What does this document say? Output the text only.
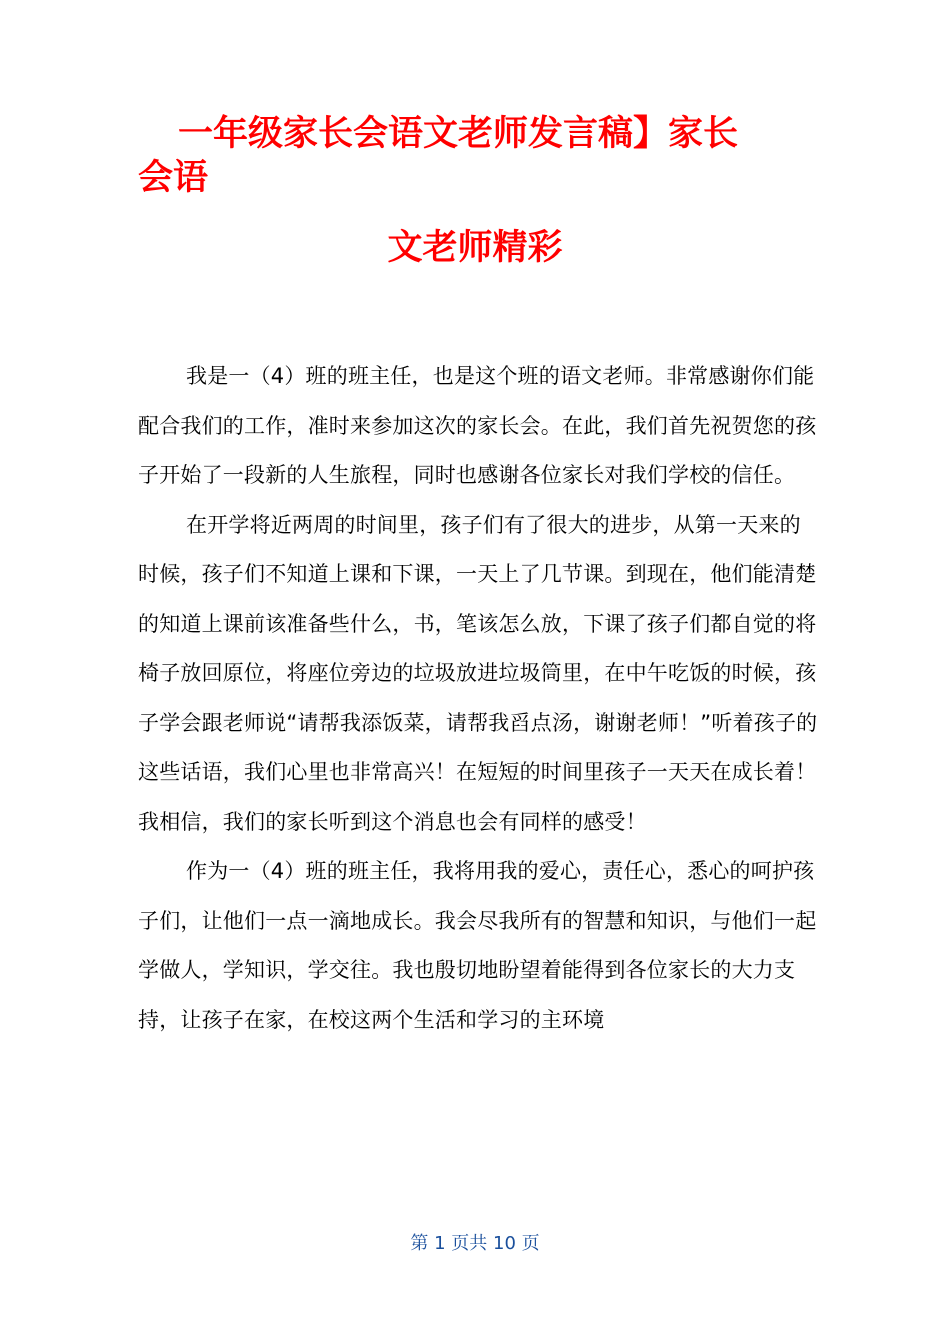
一年级家长会语文老师发言稿】家长
会语
文老师精彩

我是一（4）班的班主任，也是这个班的语文老师。非常感谢你们能配合我们的工作，准时来参加这次的家长会。在此，我们首先祝贺您的孩子开始了一段新的人生旅程，同时也感谢各位家长对我们学校的信任。

在开学将近两周的时间里，孩子们有了很大的进步，从第一天来的时候，孩子们不知道上课和下课，一天上了几节课。到现在，他们能清楚的知道上课前该准备些什么，书，笔该怎么放，下课了孩子们都自觉的将椅子放回原位，将座位旁边的垃圾放进垃圾筒里，在中午吃饭的时候，孩子学会跟老师说“请帮我添饭菜，请帮我舀点汤，谢谢老师！”听着孩子的这些话语，我们心里也非常高兴！在短短的时间里孩子一天天在成长着！我相信，我们的家长听到这个消息也会有同样的感受！

作为一（4）班的班主任，我将用我的爱心，责任心，悉心的呵护孩子们，让他们一点一滴地成长。我会尽我所有的智慧和知识，与他们一起学做人，学知识，学交往。我也殷切地盼望着能得到各位家长的大力支持，让孩子在家，在校这两个生活和学习的主环境

第 1 页共 10 页
